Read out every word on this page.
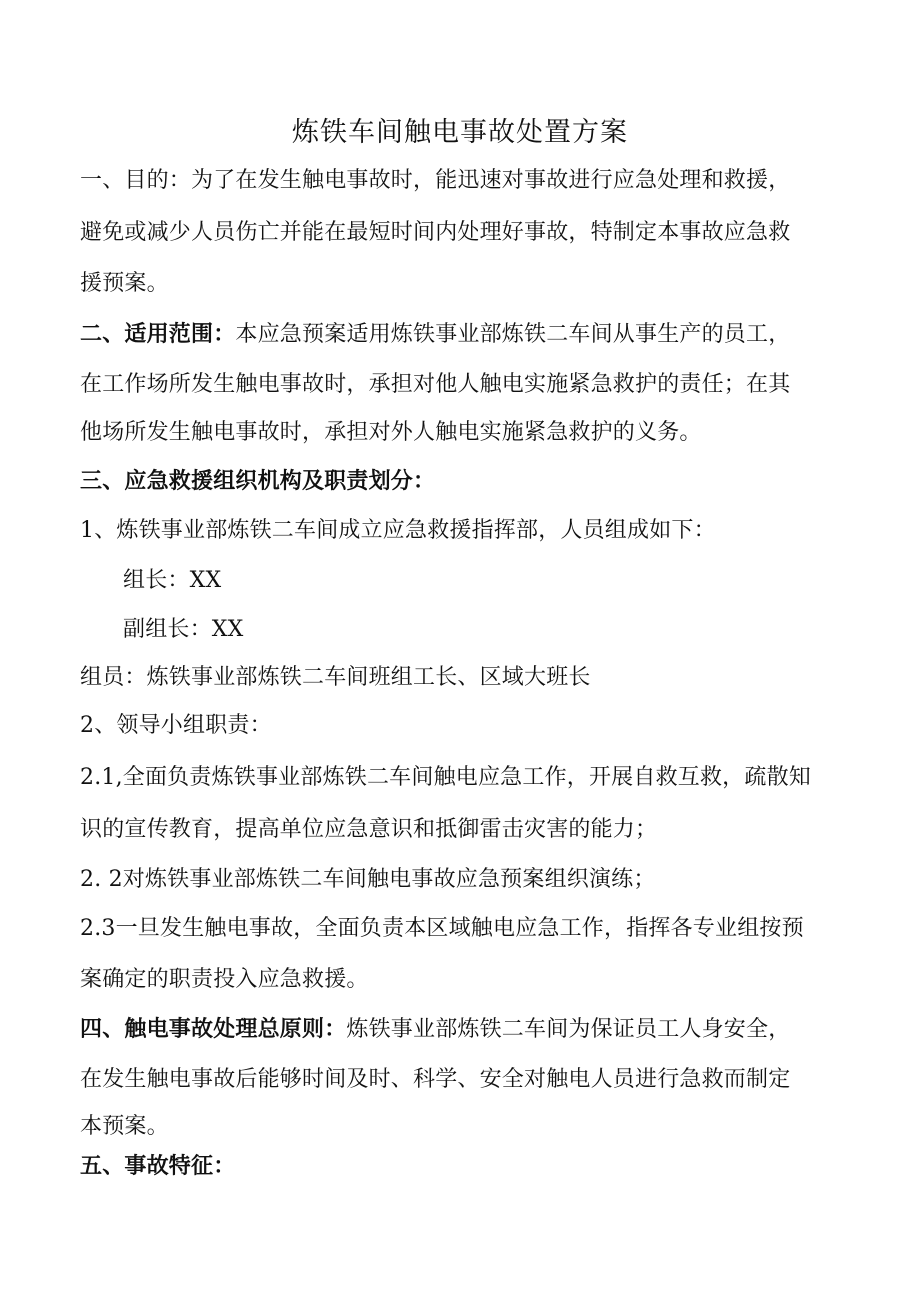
炼铁车间触电事故处置方案
一、目的：为了在发生触电事故时，能迅速对事故进行应急处理和救援，
避免或减少人员伤亡并能在最短时间内处理好事故，特制定本事故应急救
援预案。
二、适用范围：本应急预案适用炼铁事业部炼铁二车间从事生产的员工，
在工作场所发生触电事故时，承担对他人触电实施紧急救护的责任；在其
他场所发生触电事故时，承担对外人触电实施紧急救护的义务。
三、应急救援组织机构及职责划分：
1、炼铁事业部炼铁二车间成立应急救援指挥部，人员组成如下：
组长：XX
副组长：XX
组员：炼铁事业部炼铁二车间班组工长、区域大班长
2、领导小组职责：
2.1,全面负责炼铁事业部炼铁二车间触电应急工作，开展自救互救，疏散知
识的宣传教育，提高单位应急意识和抵御雷击灾害的能力；
2. 2对炼铁事业部炼铁二车间触电事故应急预案组织演练；
2.3一旦发生触电事故，全面负责本区域触电应急工作，指挥各专业组按预
案确定的职责投入应急救援。
四、触电事故处理总原则：炼铁事业部炼铁二车间为保证员工人身安全，
在发生触电事故后能够时间及时、科学、安全对触电人员进行急救而制定
本预案。
五、事故特征：
